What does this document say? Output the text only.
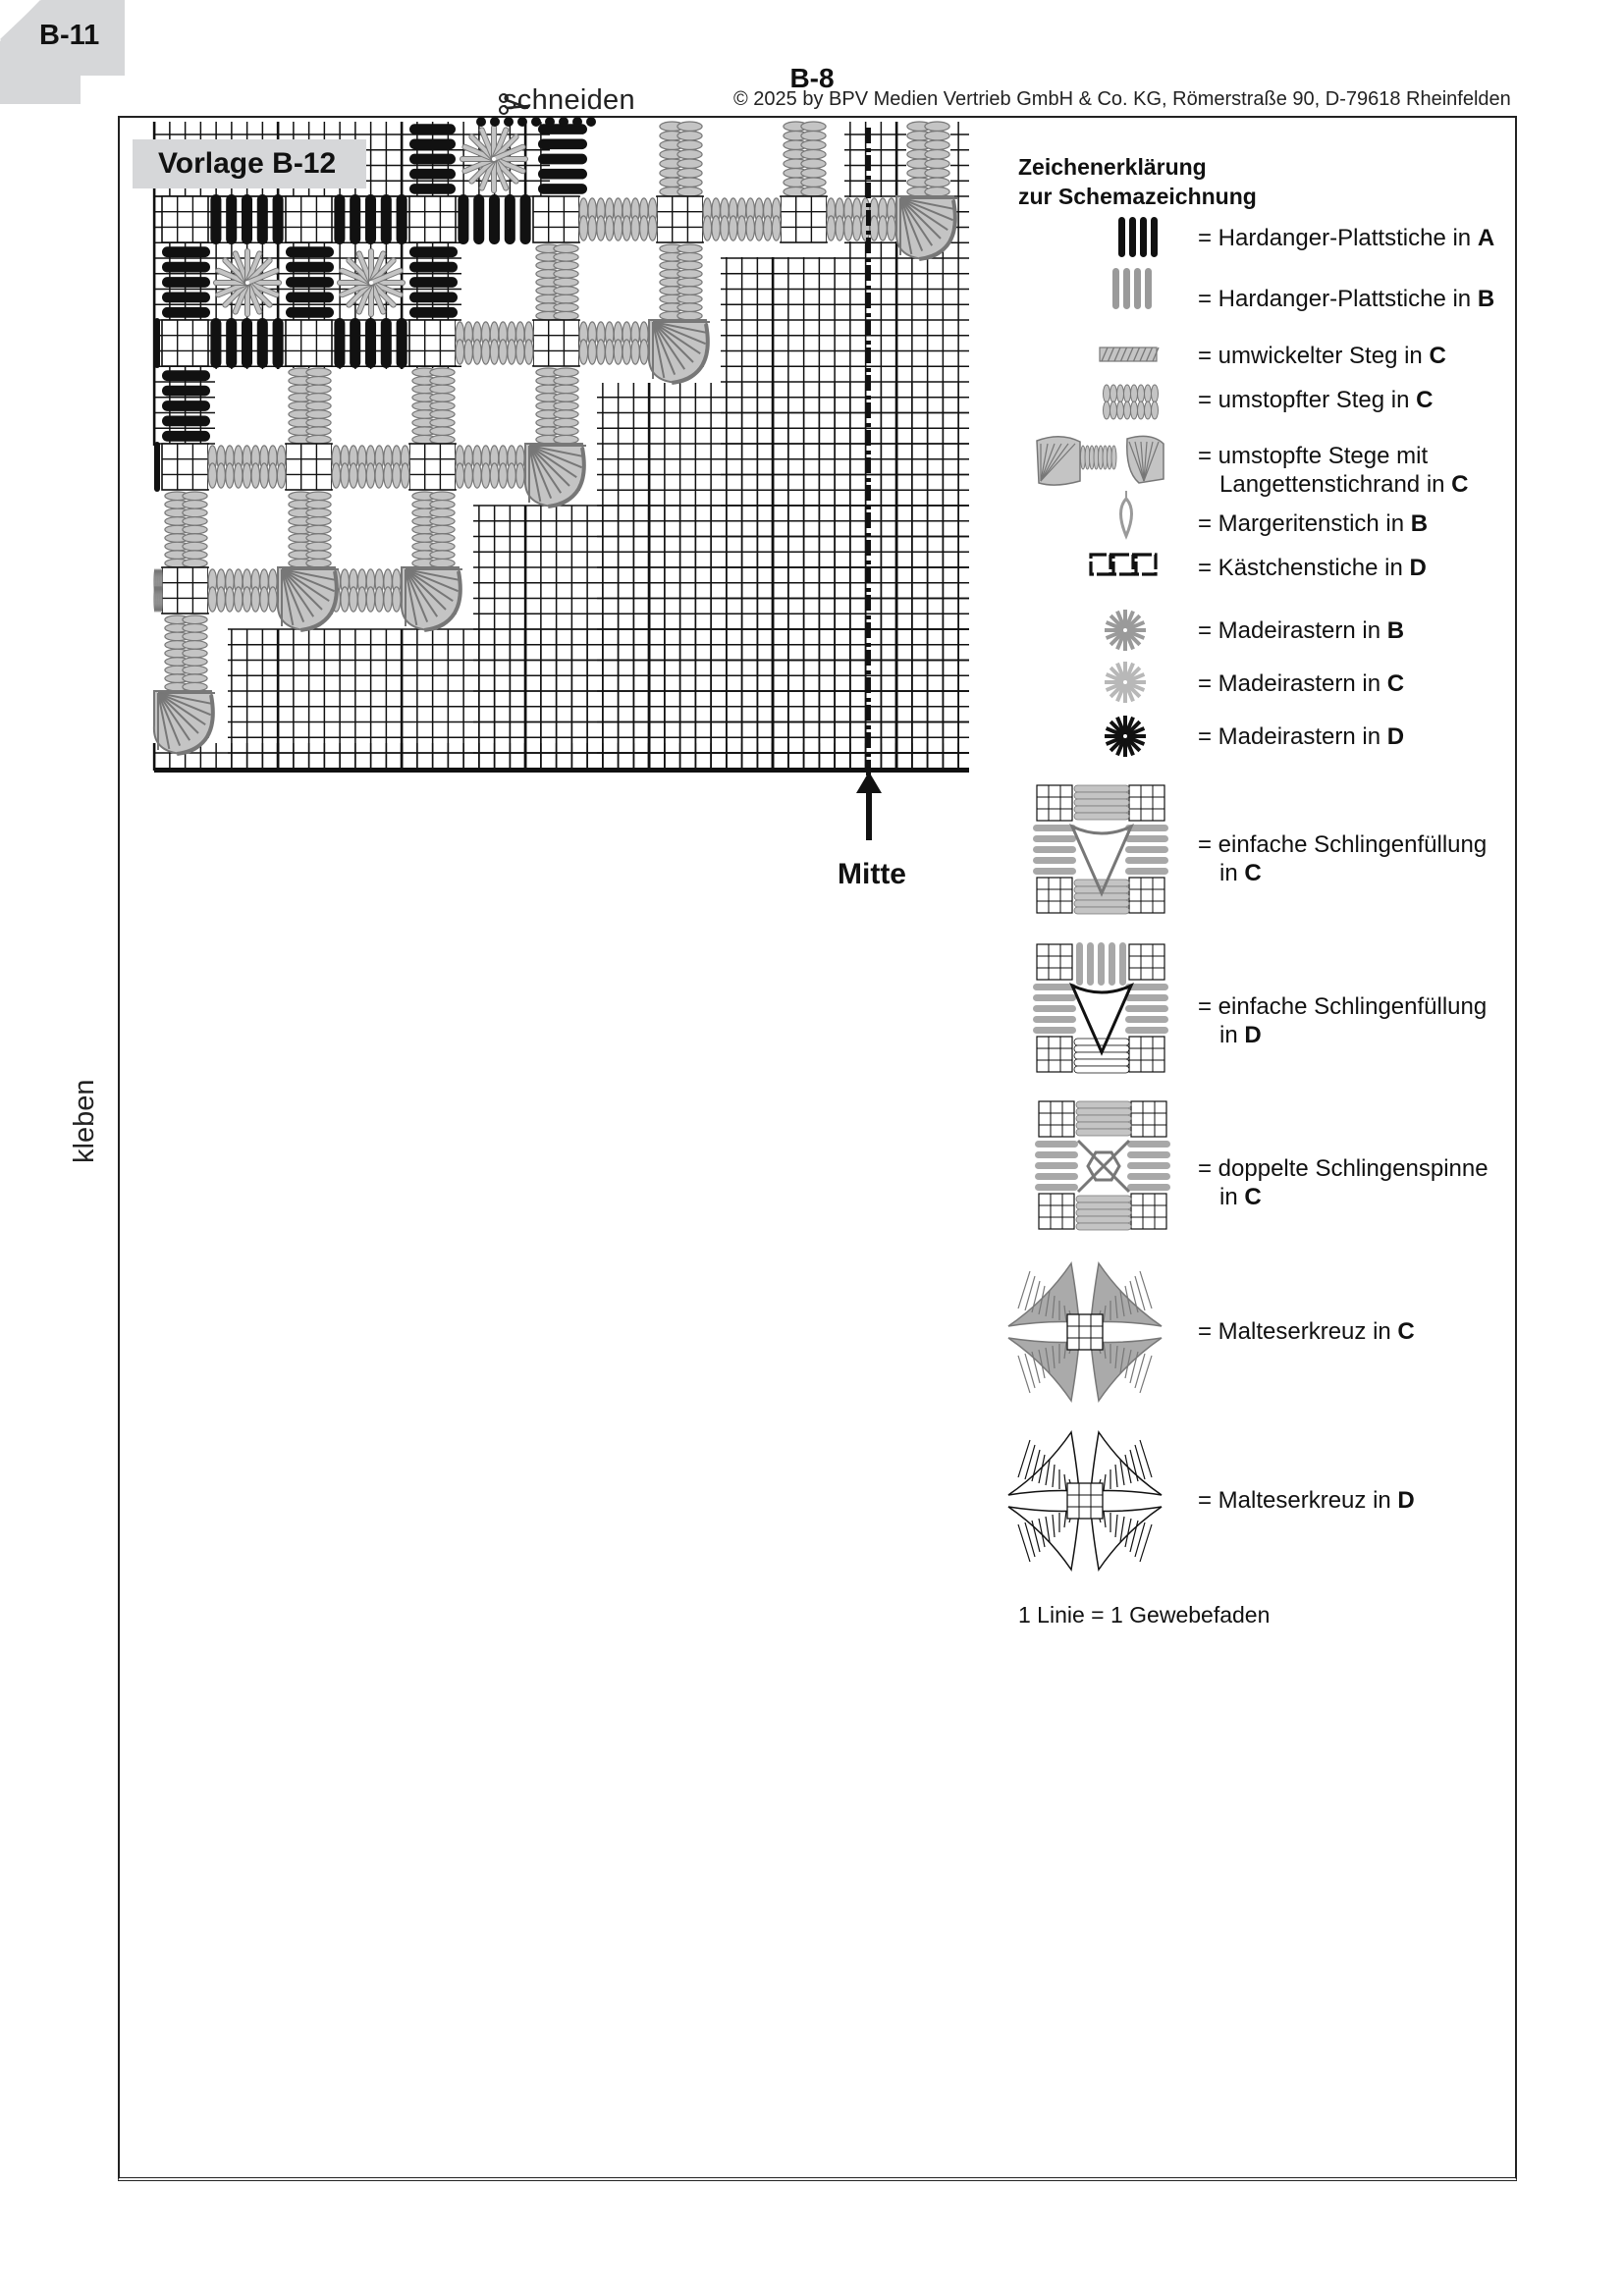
schneiden	© 2025 by BPV Medien Vertrieb GmbH & Co. KG, Römerstraße 90, D-79618 Rheinfelden
Vorlage B-12
B-8
B-11
kleben
Mitte
Zeichenerklärung
zur Schemazeichnung
= Hardanger-Plattstiche in A
= Hardanger-Plattstiche in B
= umwickelter Steg in C
= umstopfter Steg in C
= umstopfte Stege mit
Langettenstichrand in C
= Margeritenstich in B
= Kästchenstiche in D
= Madeirastern in B
= Madeirastern in C
= Madeirastern in D
= einfache Schlingenfüllung
in C
= einfache Schlingenfüllung
in D
= doppelte Schlingenspinne
in C
= Malteserkreuz in C
= Malteserkreuz in D
1 Linie = 1 Gewebefaden
